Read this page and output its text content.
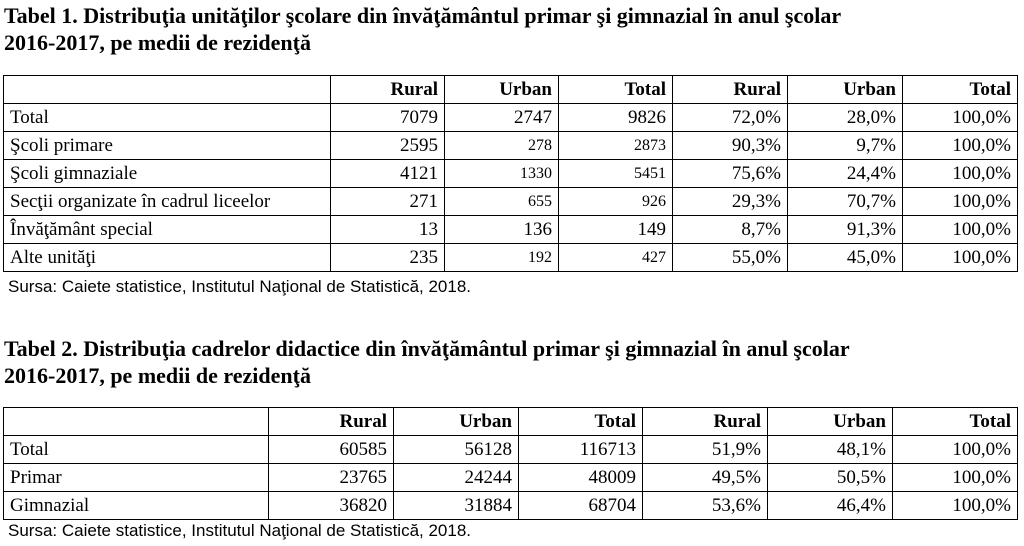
Tabel 1. Distribuţia unităţilor şcolare din învăţământul primar şi gimnazial în anul şcolar
2016-2017, pe medii de rezidenţă
	Rural	Urban	Total	Rural	Urban	Total
Total	7079	2747	9826	72,0%	28,0%	100,0%
Şcoli primare	2595	278	2873	90,3%	9,7%	100,0%
Şcoli gimnaziale	4121	1330	5451	75,6%	24,4%	100,0%
Secţii organizate în cadrul liceelor	271	655	926	29,3%	70,7%	100,0%
Învăţământ special	13	136	149	8,7%	91,3%	100,0%
Alte unităţi	235	192	427	55,0%	45,0%	100,0%
Sursa: Caiete statistice, Institutul Naţional de Statistică, 2018.
Tabel 2. Distribuţia cadrelor didactice din învăţământul primar şi gimnazial în anul şcolar
2016-2017, pe medii de rezidenţă
	Rural	Urban	Total	Rural	Urban	Total
Total	60585	56128	116713	51,9%	48,1%	100,0%
Primar	23765	24244	48009	49,5%	50,5%	100,0%
Gimnazial	36820	31884	68704	53,6%	46,4%	100,0%
Sursa: Caiete statistice, Institutul Naţional de Statistică, 2018.
